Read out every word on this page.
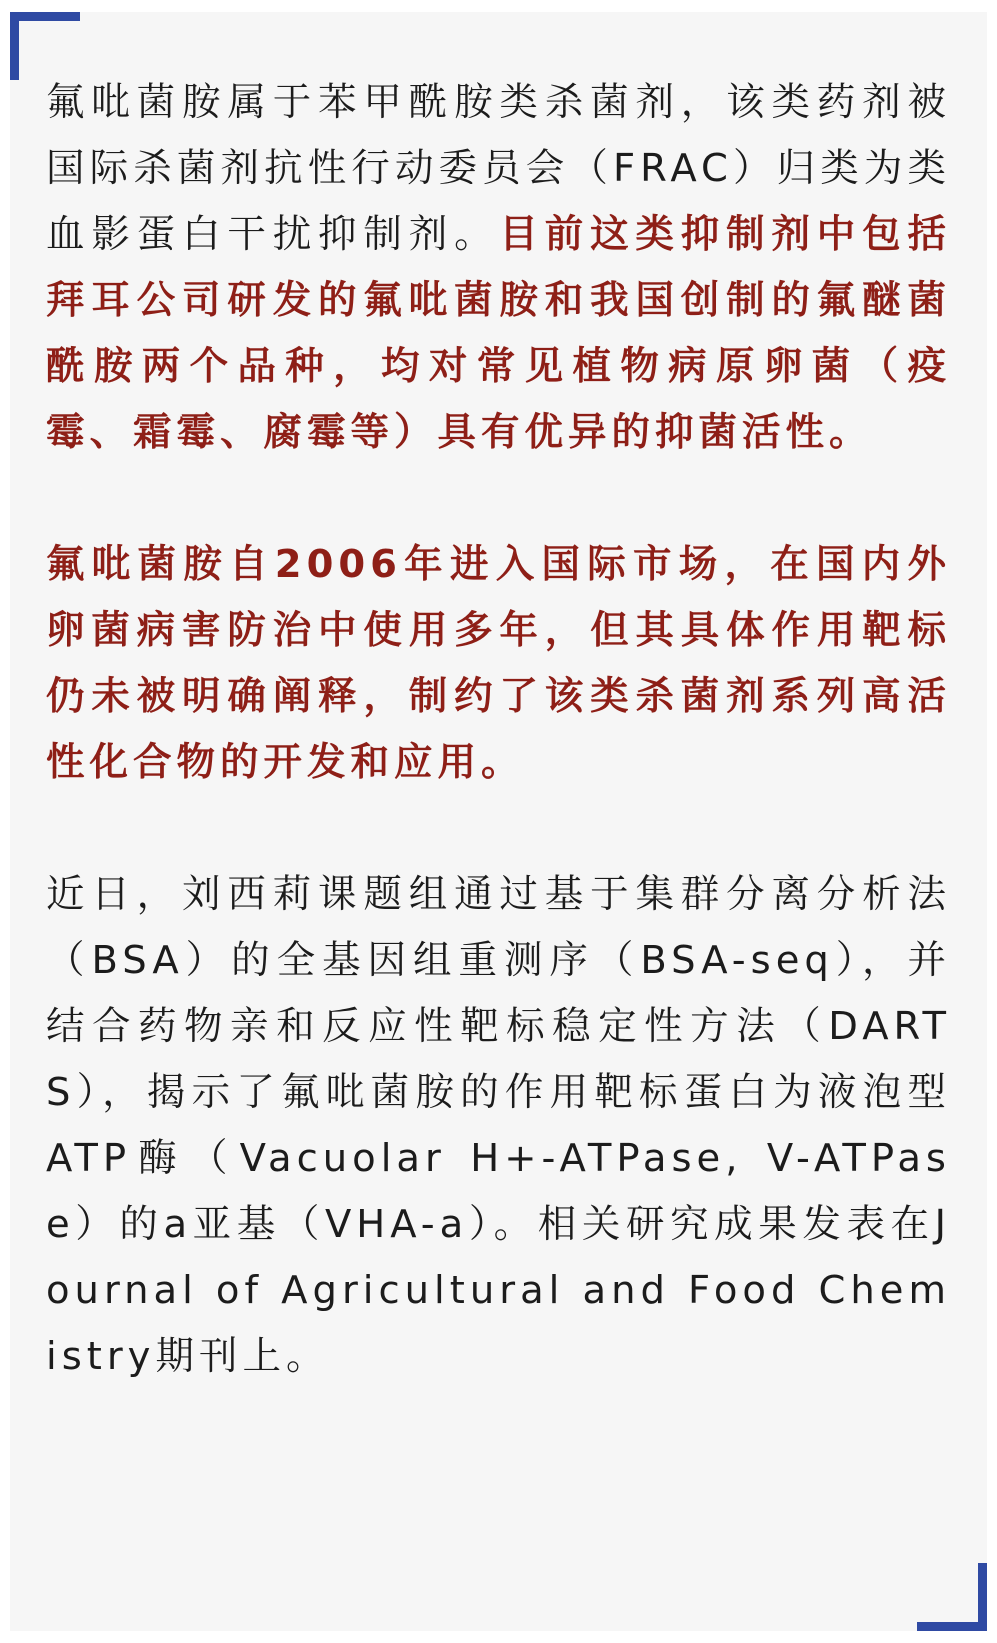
氟吡菌胺属于苯甲酰胺类杀菌剂，该类药剂被国际杀菌剂抗性行动委员会（FRAC）归类为类血影蛋白干扰抑制剂。目前这类抑制剂中包括拜耳公司研发的氟吡菌胺和我国创制的氟醚菌酰胺两个品种，均对常见植物病原卵菌（疫霉、霜霉、腐霉等）具有优异的抑菌活性。

氟吡菌胺自2006年进入国际市场，在国内外卵菌病害防治中使用多年，但其具体作用靶标仍未被明确阐释，制约了该类杀菌剂系列高活性化合物的开发和应用。

近日，刘西莉课题组通过基于集群分离分析法（BSA）的全基因组重测序（BSA-seq），并结合药物亲和反应性靶标稳定性方法（DARTS），揭示了氟吡菌胺的作用靶标蛋白为液泡型ATP酶（Vacuolar H+-ATPase, V-ATPase）的a亚基（VHA-a）。相关研究成果发表在Journal of Agricultural and Food Chemistry期刊上。
